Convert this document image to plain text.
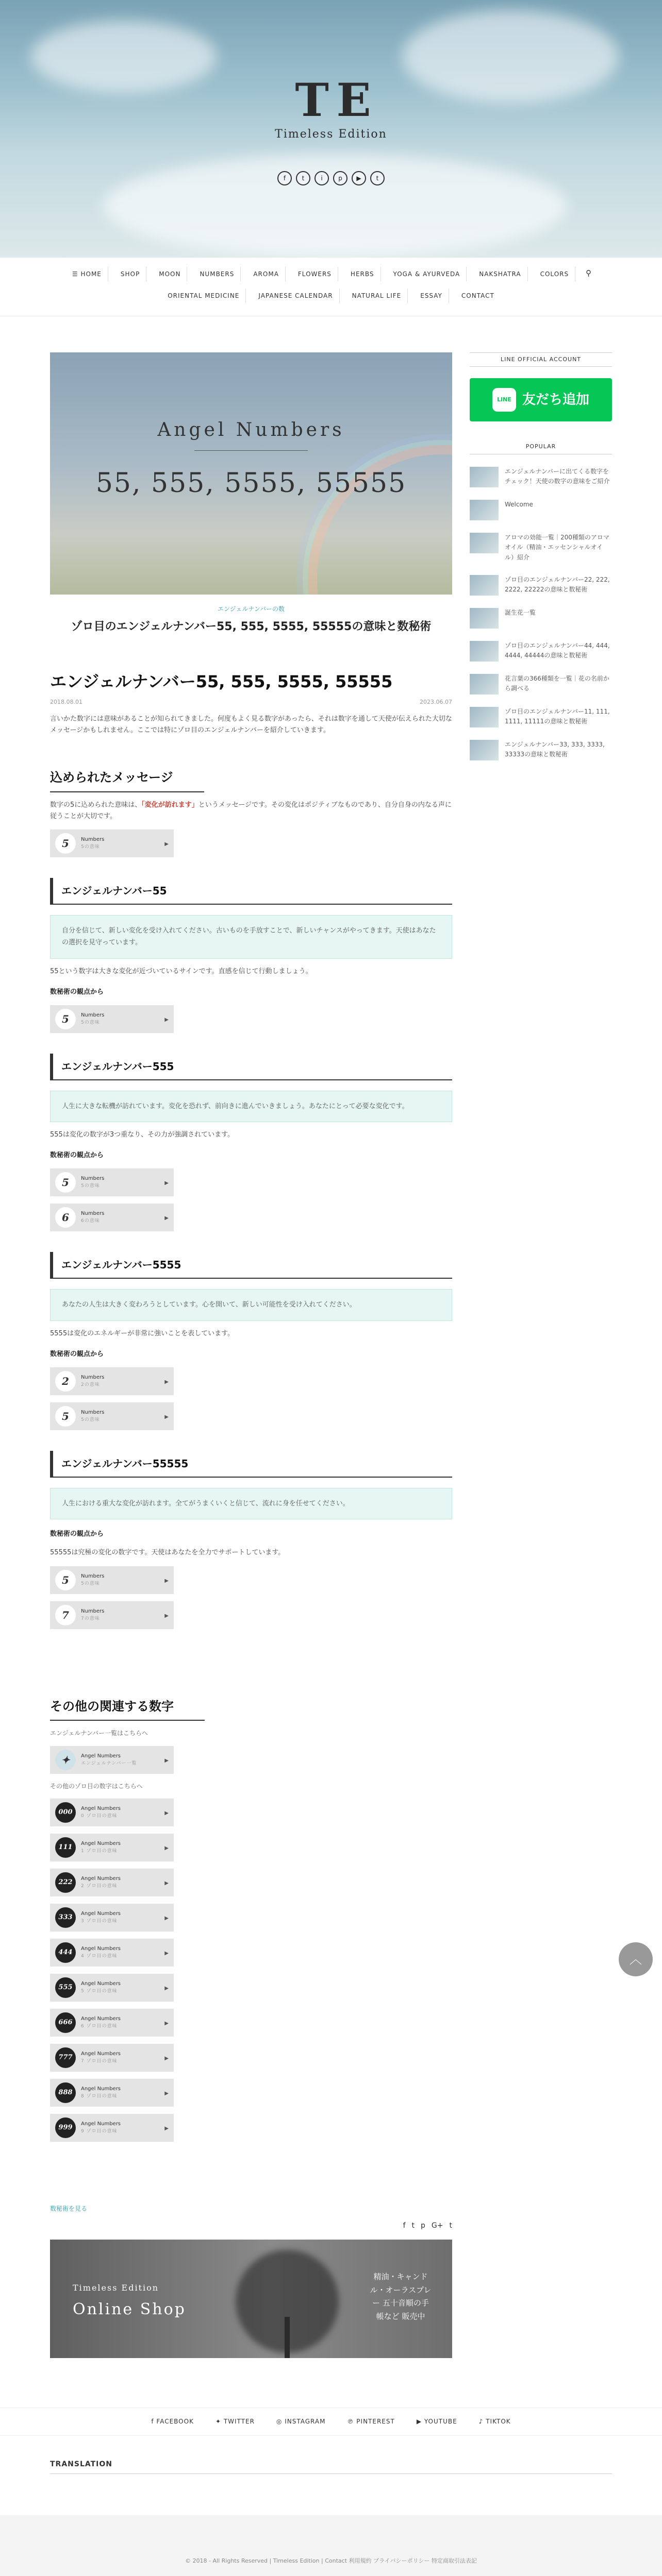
T E
Timeless Edition
f	t	i	p	▶	t
☰ HOME	SHOP	MOON	NUMBERS	AROMA	FLOWERS	HERBS	YOGA & AYURVEDA	NAKSHATRA	COLORS	⚲
ORIENTAL MEDICINE	JAPANESE CALENDAR	NATURAL LIFE	ESSAY	CONTACT
Angel Numbers
55, 555, 5555, 55555
エンジェルナンバーの数
ゾロ目のエンジェルナンバー55, 555, 5555, 55555の意味と数秘術
エンジェルナンバー55, 555, 5555, 55555
2018.08.01	2023.06.07

言いかた数字には意味があることが知られてきました。何度もよく見る数字があったら、それは数字を通して天使が伝えられた大切なメッセージかもしれません。ここでは特にゾロ目のエンジェルナンバーを紹介していきます。

込められたメッセージ

数字の5に込められた意味は、「変化が訪れます」というメッセージです。その変化はポジティブなものであり、自分自身の内なる声に従うことが大切です。

5	Numbers
5の意味	▶
エンジェルナンバー55
自分を信じて、新しい変化を受け入れてください。古いものを手放すことで、新しいチャンスがやってきます。天使はあなたの選択を見守っています。

55という数字は大きな変化が近づいているサインです。直感を信じて行動しましょう。

数秘術の観点から
5	Numbers
5の意味	▶
エンジェルナンバー555
人生に大きな転機が訪れています。変化を恐れず、前向きに進んでいきましょう。あなたにとって必要な変化です。

555は変化の数字が3つ重なり、その力が強調されています。

数秘術の観点から
5	Numbers
5の意味	▶
6	Numbers
6の意味	▶
エンジェルナンバー5555
あなたの人生は大きく変わろうとしています。心を開いて、新しい可能性を受け入れてください。

5555は変化のエネルギーが非常に強いことを表しています。

数秘術の観点から
2	Numbers
2の意味	▶
5	Numbers
5の意味	▶
エンジェルナンバー55555
人生における重大な変化が訪れます。全てがうまくいくと信じて、流れに身を任せてください。
数秘術の観点から

55555は究極の変化の数字です。天使はあなたを全力でサポートしています。

5	Numbers
5の意味	▶
7	Numbers
7の意味	▶
その他の関連する数字
エンジェルナンバー一覧はこちらへ
✦	Angel Numbers
エンジェルナンバー一覧	▶
その他のゾロ目の数字はこちらへ
000	Angel Numbers
0 ゾロ目の意味	▶
111	Angel Numbers
1 ゾロ目の意味	▶
222	Angel Numbers
2 ゾロ目の意味	▶
333	Angel Numbers
3 ゾロ目の意味	▶
444	Angel Numbers
4 ゾロ目の意味	▶
555	Angel Numbers
5 ゾロ目の意味	▶
666	Angel Numbers
6 ゾロ目の意味	▶
777	Angel Numbers
7 ゾロ目の意味	▶
888	Angel Numbers
8 ゾロ目の意味	▶
999	Angel Numbers
9 ゾロ目の意味	▶
数秘術を見る
f t p G+ t
Timeless Edition
Online Shop
精油・キャンドル・オーラスプレー 五十音順の手帳など 販売中
LINE OFFICIAL ACCOUNT
LINE 友だち追加
POPULAR
エンジェルナンバーに出てくる数字をチェック！天使の数字の意味をご紹介
Welcome
アロマの効能一覧｜200種類のアロマオイル（精油・エッセンシャルオイル）紹介
ゾロ目のエンジェルナンバー22, 222, 2222, 22222の意味と数秘術
誕生花一覧
ゾロ目のエンジェルナンバー44, 444, 4444, 44444の意味と数秘術
花言葉の366種類を一覧｜花の名前から調べる
ゾロ目のエンジェルナンバー11, 111, 1111, 11111の意味と数秘術
エンジェルナンバー33, 333, 3333, 33333の意味と数秘術
f FACEBOOK	✦ TWITTER	◎ INSTAGRAM	℗ PINTEREST	▶ YOUTUBE	♪ TIKTOK
TRANSLATION
© 2018 - All Rights Reserved | Timeless Edition | Contact 利用規約 プライバシーポリシー 特定商取引法表記

︿
